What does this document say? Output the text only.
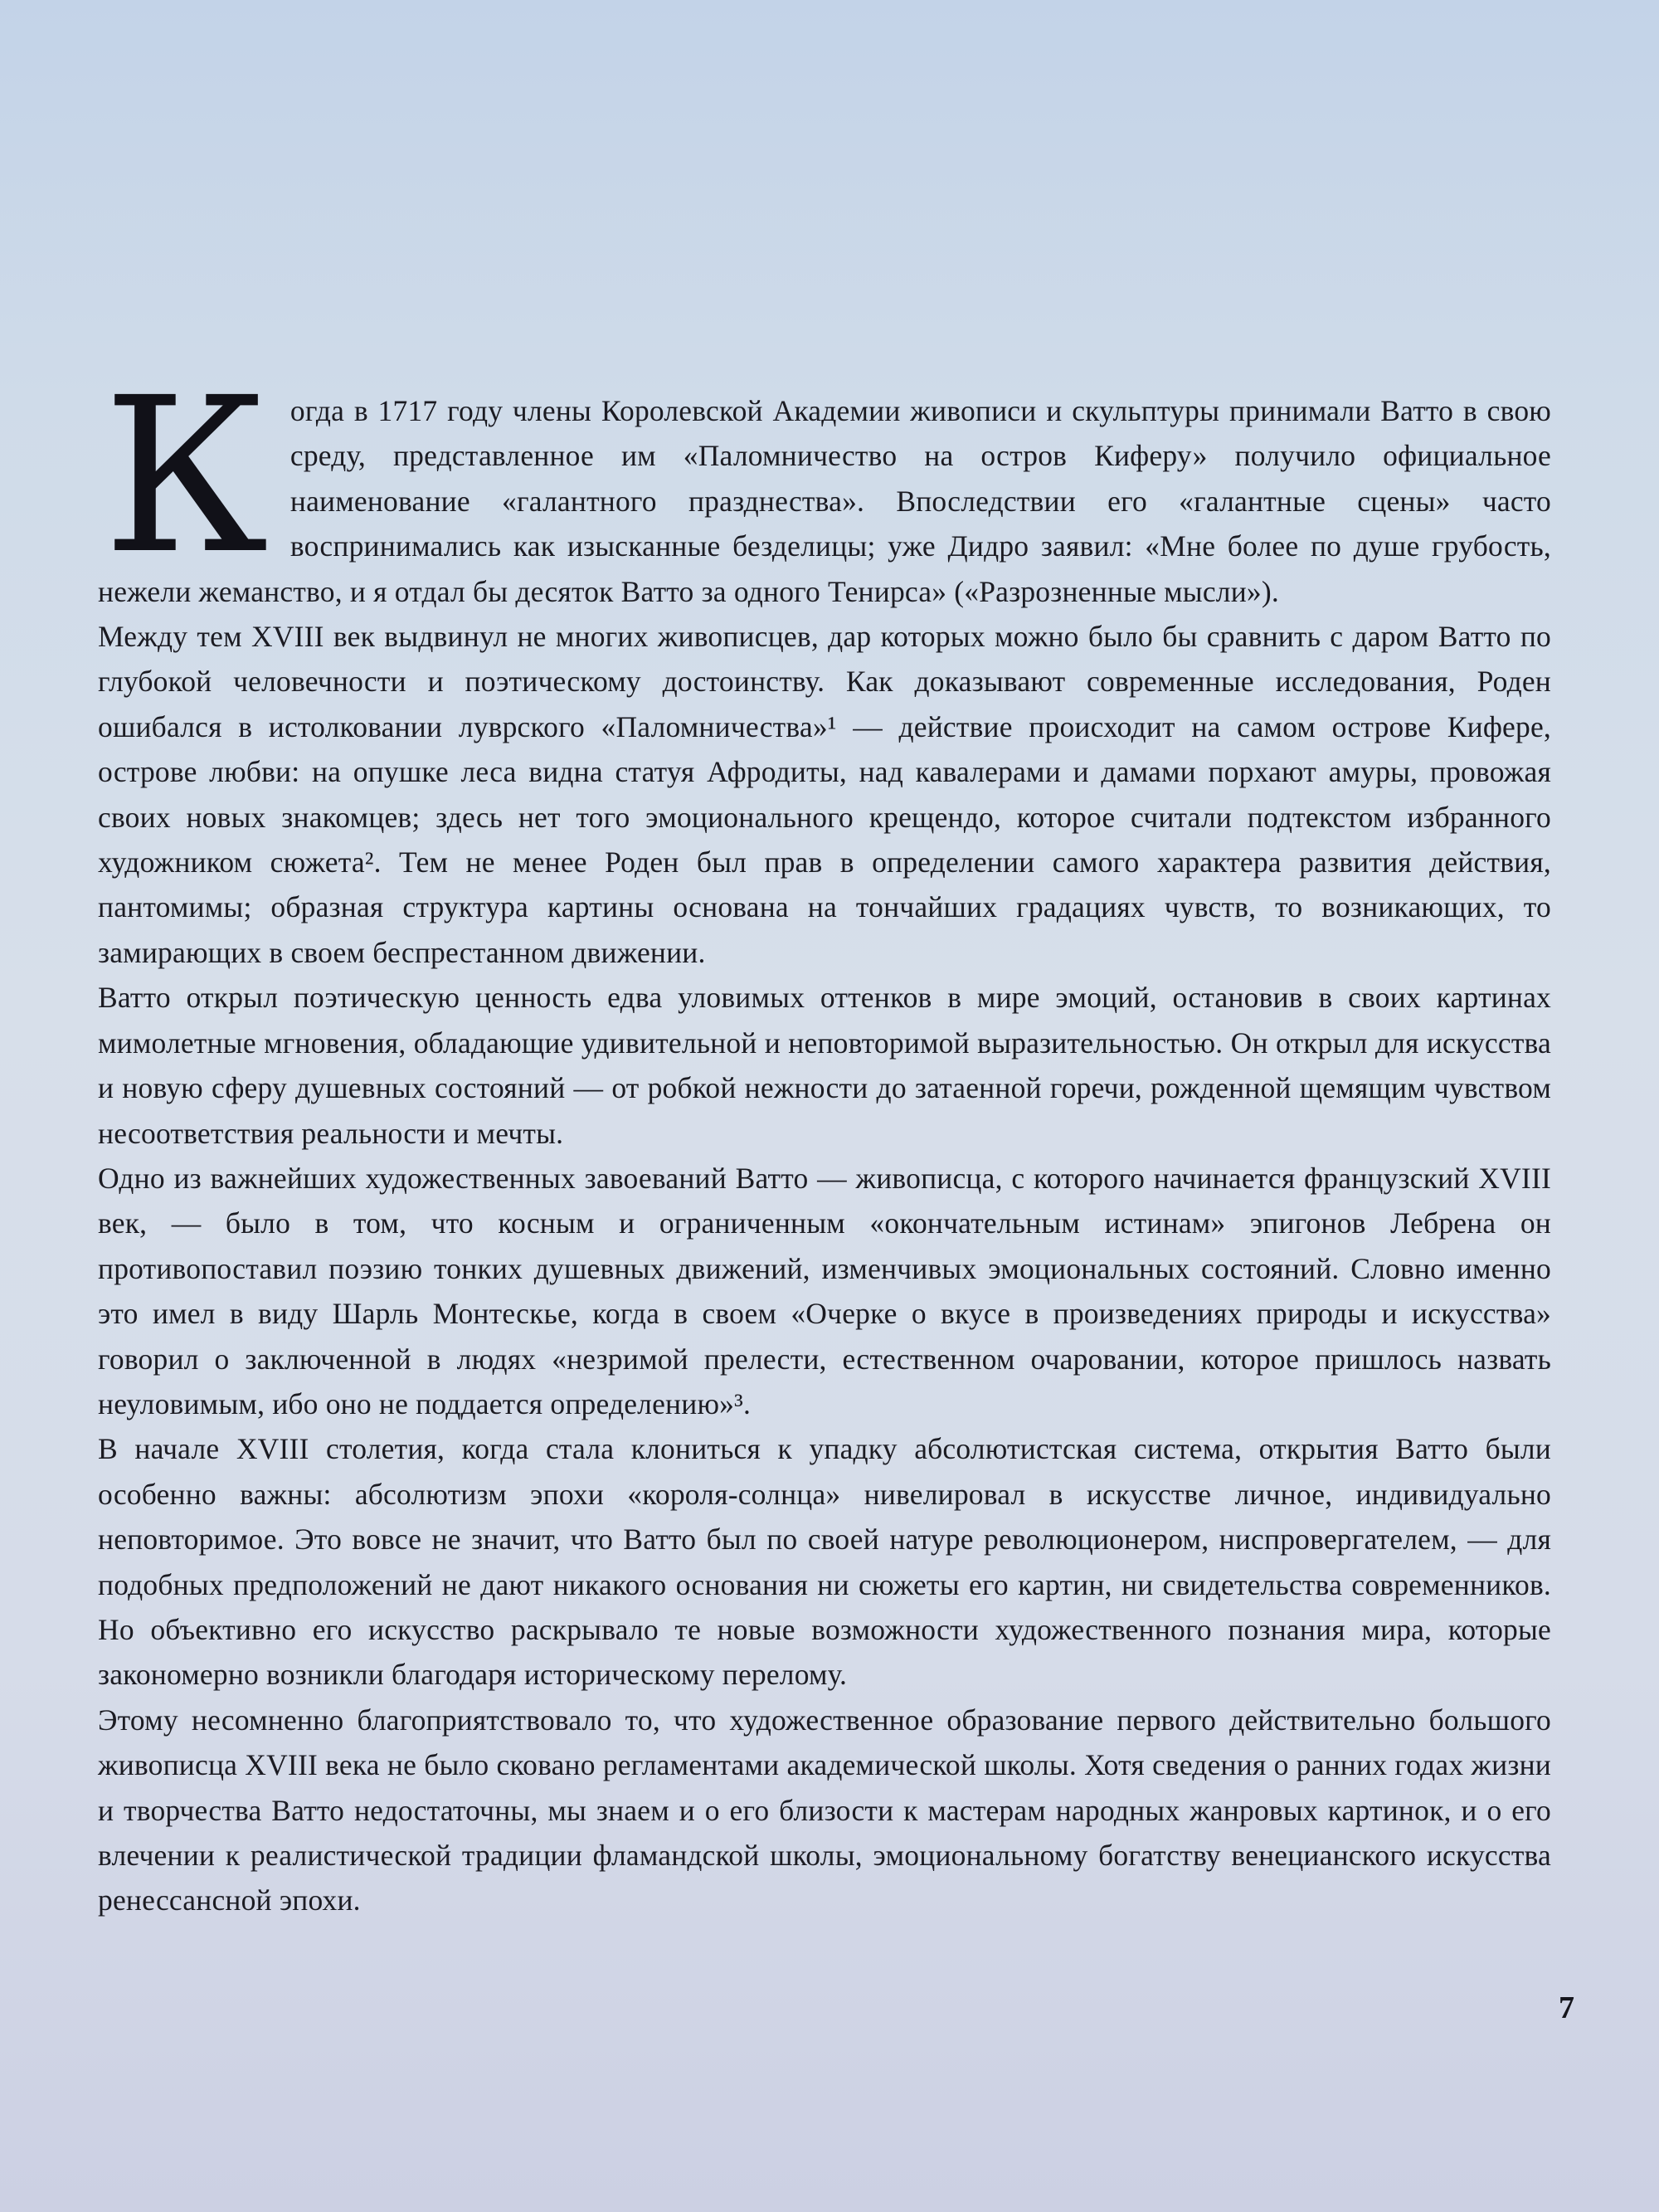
Когда в 1717 году члены Королевской Академии живописи и скульптуры принимали Ватто в свою среду, представленное им «Паломничество на остров Киферу» получило официальное наименование «галантного празднества». Впоследствии его «галантные сцены» часто воспринимались как изысканные безделицы; уже Дидро заявил: «Мне более по душе грубость, нежели жеманство, и я отдал бы десяток Ватто за одного Тенирса» («Разрозненные мысли»).

Между тем XVIII век выдвинул не многих живописцев, дар которых можно было бы сравнить с даром Ватто по глубокой человечности и поэтическому достоинству. Как доказывают современные исследования, Роден ошибался в истолковании луврского «Паломничества»¹ — действие происходит на самом острове Кифере, острове любви: на опушке леса видна статуя Афродиты, над кавалерами и дамами порхают амуры, провожая своих новых знакомцев; здесь нет того эмоционального крещендо, которое считали подтекстом избранного художником сюжета². Тем не менее Роден был прав в определении самого характера развития действия, пантомимы; образная структура картины основана на тончайших градациях чувств, то возникающих, то замирающих в своем беспрестанном движении.

Ватто открыл поэтическую ценность едва уловимых оттенков в мире эмоций, остановив в своих картинах мимолетные мгновения, обладающие удивительной и неповторимой выразительностью. Он открыл для искусства и новую сферу душевных состояний — от робкой нежности до затаенной горечи, рожденной щемящим чувством несоответствия реальности и мечты.

Одно из важнейших художественных завоеваний Ватто — живописца, с которого начинается французский XVIII век, — было в том, что косным и ограниченным «окончательным истинам» эпигонов Лебрена он противопоставил поэзию тонких душевных движений, изменчивых эмоциональных состояний. Словно именно это имел в виду Шарль Монтескье, когда в своем «Очерке о вкусе в произведениях природы и искусства» говорил о заключенной в людях «незримой прелести, естественном очаровании, которое пришлось назвать неуловимым, ибо оно не поддается определению»³.

В начале XVIII столетия, когда стала клониться к упадку абсолютистская система, открытия Ватто были особенно важны: абсолютизм эпохи «короля-солнца» нивелировал в искусстве личное, индивидуально неповторимое. Это вовсе не значит, что Ватто был по своей натуре революционером, ниспровергателем, — для подобных предположений не дают никакого основания ни сюжеты его картин, ни свидетельства современников. Но объективно его искусство раскрывало те новые возможности художественного познания мира, которые закономерно возникли благодаря историческому перелому.

Этому несомненно благоприятствовало то, что художественное образование первого действительно большого живописца XVIII века не было сковано регламентами академической школы. Хотя сведения о ранних годах жизни и творчества Ватто недостаточны, мы знаем и о его близости к мастерам народных жанровых картинок, и о его влечении к реалистической традиции фламандской школы, эмоциональному богатству венецианского искусства ренессансной эпохи.

7
